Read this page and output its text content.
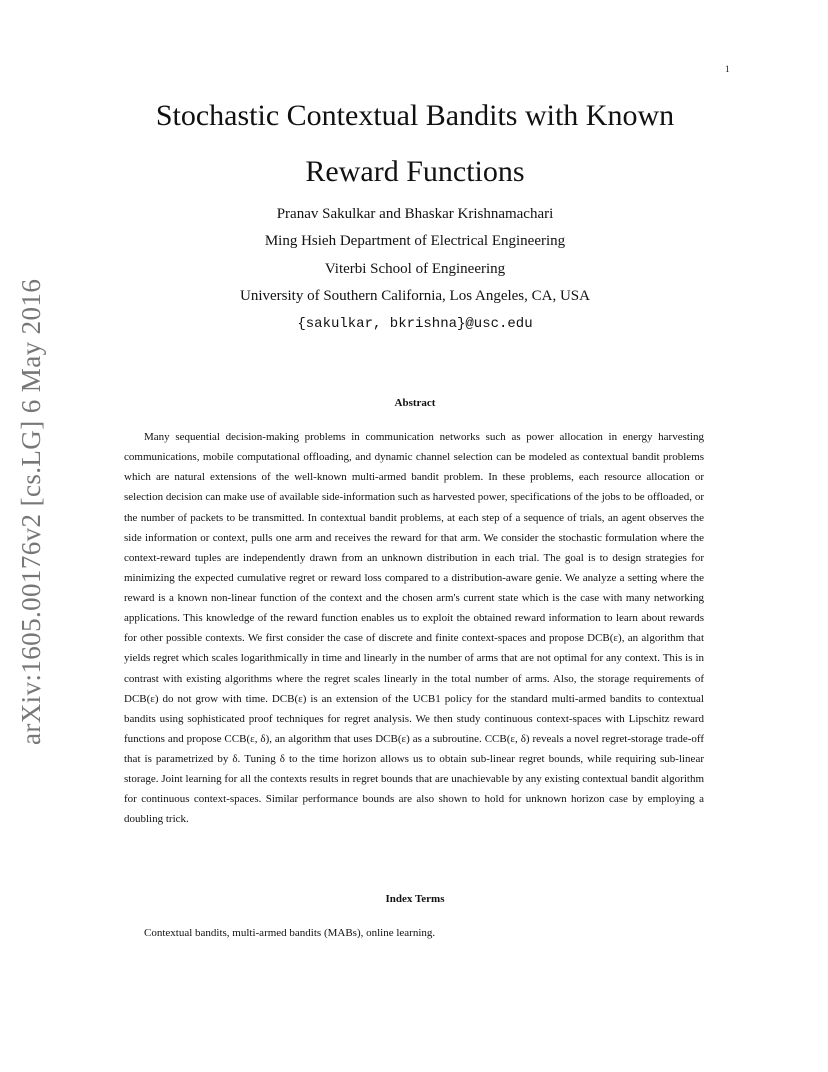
1
arXiv:1605.00176v2 [cs.LG] 6 May 2016
Stochastic Contextual Bandits with Known Reward Functions
Pranav Sakulkar and Bhaskar Krishnamachari
Ming Hsieh Department of Electrical Engineering
Viterbi School of Engineering
University of Southern California, Los Angeles, CA, USA
{sakulkar, bkrishna}@usc.edu
Abstract

Many sequential decision-making problems in communication networks such as power allocation in energy harvesting communications, mobile computational offloading, and dynamic channel selection can be modeled as contextual bandit problems which are natural extensions of the well-known multi-armed bandit problem. In these problems, each resource allocation or selection decision can make use of available side-information such as harvested power, specifications of the jobs to be offloaded, or the number of packets to be transmitted. In contextual bandit problems, at each step of a sequence of trials, an agent observes the side information or context, pulls one arm and receives the reward for that arm. We consider the stochastic formulation where the context-reward tuples are independently drawn from an unknown distribution in each trial. The goal is to design strategies for minimizing the expected cumulative regret or reward loss compared to a distribution-aware genie. We analyze a setting where the reward is a known non-linear function of the context and the chosen arm's current state which is the case with many networking applications. This knowledge of the reward function enables us to exploit the obtained reward information to learn about rewards for other possible contexts. We first consider the case of discrete and finite context-spaces and propose DCB(ε), an algorithm that yields regret which scales logarithmically in time and linearly in the number of arms that are not optimal for any context. This is in contrast with existing algorithms where the regret scales linearly in the total number of arms. Also, the storage requirements of DCB(ε) do not grow with time. DCB(ε) is an extension of the UCB1 policy for the standard multi-armed bandits to contextual bandits using sophisticated proof techniques for regret analysis. We then study continuous context-spaces with Lipschitz reward functions and propose CCB(ε, δ), an algorithm that uses DCB(ε) as a subroutine. CCB(ε, δ) reveals a novel regret-storage trade-off that is parametrized by δ. Tuning δ to the time horizon allows us to obtain sub-linear regret bounds, while requiring sub-linear storage. Joint learning for all the contexts results in regret bounds that are unachievable by any existing contextual bandit algorithm for continuous context-spaces. Similar performance bounds are also shown to hold for unknown horizon case by employing a doubling trick.

Index Terms

Contextual bandits, multi-armed bandits (MABs), online learning.
